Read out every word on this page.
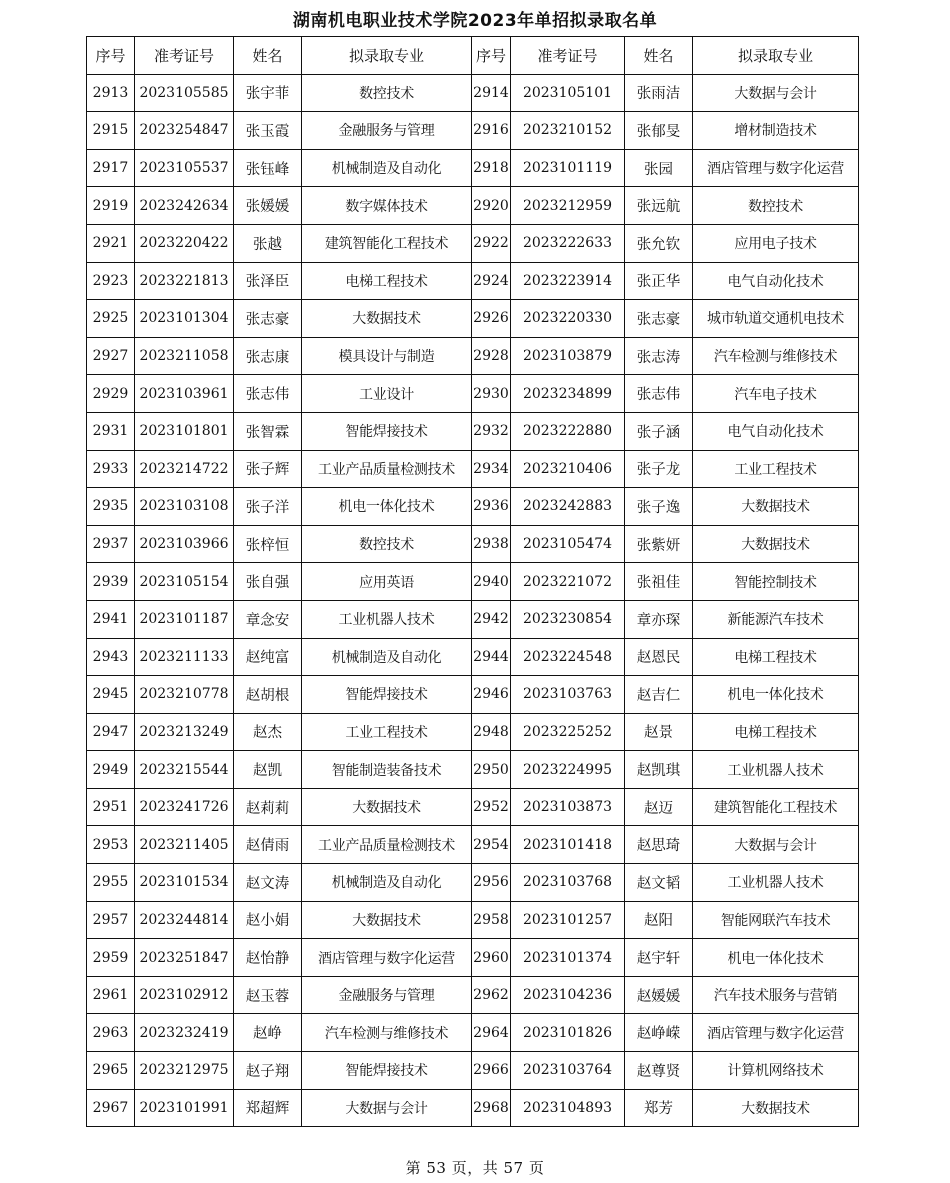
湖南机电职业技术学院2023年单招拟录取名单
序号	准考证号	姓名	拟录取专业	序号	准考证号	姓名	拟录取专业
2913	2023105585	张宇菲	数控技术	2914	2023105101	张雨洁	大数据与会计
2915	2023254847	张玉霞	金融服务与管理	2916	2023210152	张郁旻	增材制造技术
2917	2023105537	张钰峰	机械制造及自动化	2918	2023101119	张园	酒店管理与数字化运营
2919	2023242634	张媛媛	数字媒体技术	2920	2023212959	张远航	数控技术
2921	2023220422	张越	建筑智能化工程技术	2922	2023222633	张允钦	应用电子技术
2923	2023221813	张泽臣	电梯工程技术	2924	2023223914	张正华	电气自动化技术
2925	2023101304	张志豪	大数据技术	2926	2023220330	张志豪	城市轨道交通机电技术
2927	2023211058	张志康	模具设计与制造	2928	2023103879	张志涛	汽车检测与维修技术
2929	2023103961	张志伟	工业设计	2930	2023234899	张志伟	汽车电子技术
2931	2023101801	张智霖	智能焊接技术	2932	2023222880	张子涵	电气自动化技术
2933	2023214722	张子辉	工业产品质量检测技术	2934	2023210406	张子龙	工业工程技术
2935	2023103108	张子洋	机电一体化技术	2936	2023242883	张子逸	大数据技术
2937	2023103966	张梓恒	数控技术	2938	2023105474	张紫妍	大数据技术
2939	2023105154	张自强	应用英语	2940	2023221072	张祖佳	智能控制技术
2941	2023101187	章念安	工业机器人技术	2942	2023230854	章亦琛	新能源汽车技术
2943	2023211133	赵纯富	机械制造及自动化	2944	2023224548	赵恩民	电梯工程技术
2945	2023210778	赵胡根	智能焊接技术	2946	2023103763	赵吉仁	机电一体化技术
2947	2023213249	赵杰	工业工程技术	2948	2023225252	赵景	电梯工程技术
2949	2023215544	赵凯	智能制造装备技术	2950	2023224995	赵凯琪	工业机器人技术
2951	2023241726	赵莉莉	大数据技术	2952	2023103873	赵迈	建筑智能化工程技术
2953	2023211405	赵倩雨	工业产品质量检测技术	2954	2023101418	赵思琦	大数据与会计
2955	2023101534	赵文涛	机械制造及自动化	2956	2023103768	赵文韬	工业机器人技术
2957	2023244814	赵小娟	大数据技术	2958	2023101257	赵阳	智能网联汽车技术
2959	2023251847	赵怡静	酒店管理与数字化运营	2960	2023101374	赵宇轩	机电一体化技术
2961	2023102912	赵玉蓉	金融服务与管理	2962	2023104236	赵媛媛	汽车技术服务与营销
2963	2023232419	赵峥	汽车检测与维修技术	2964	2023101826	赵峥嵘	酒店管理与数字化运营
2965	2023212975	赵子翔	智能焊接技术	2966	2023103764	赵尊贤	计算机网络技术
2967	2023101991	郑超辉	大数据与会计	2968	2023104893	郑芳	大数据技术
第 53 页，共 57 页
